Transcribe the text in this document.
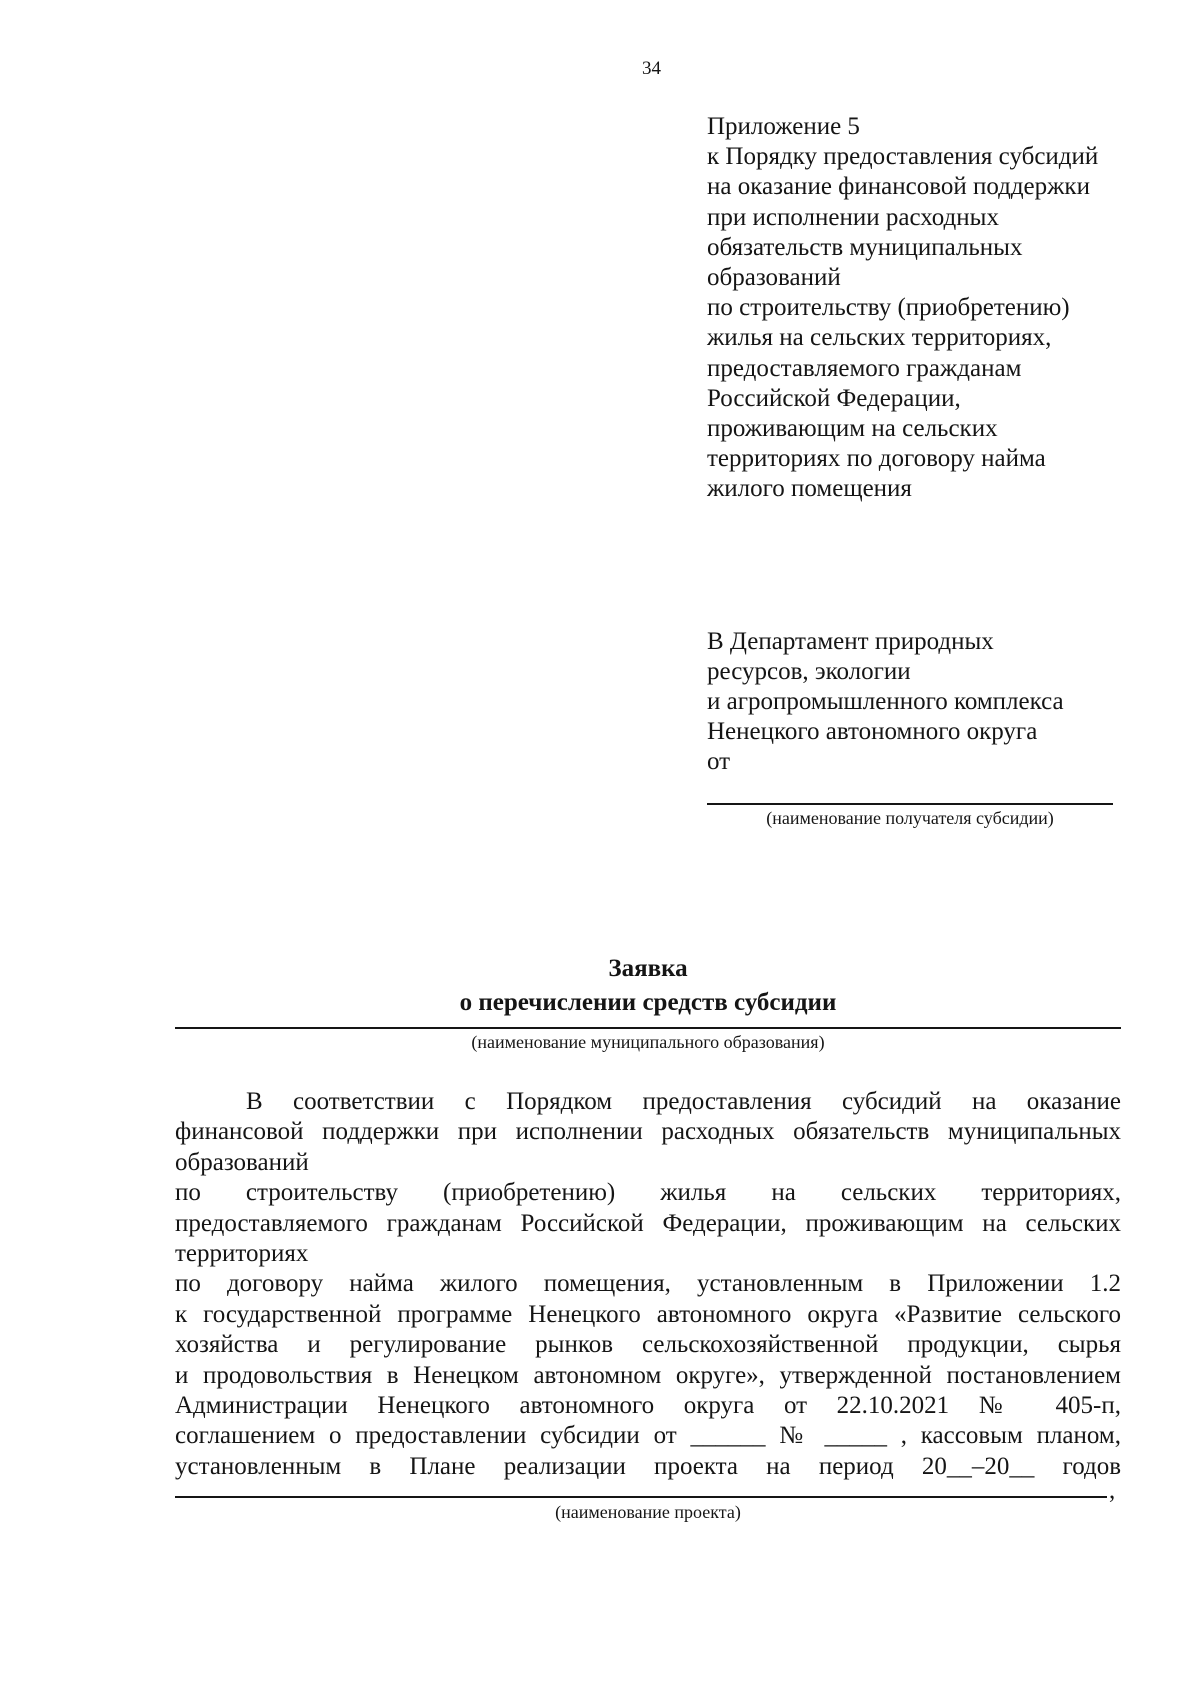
34
Приложение 5
к Порядку предоставления субсидий
на оказание финансовой поддержки
при исполнении расходных
обязательств муниципальных
образований
по строительству (приобретению)
жилья на сельских территориях,
предоставляемого гражданам
Российской Федерации,
проживающим на сельских
территориях по договору найма
жилого помещения
В Департамент природных
ресурсов, экологии
и агропромышленного комплекса
Ненецкого автономного округа
от
(наименование получателя субсидии)
Заявка
о перечислении средств субсидии
(наименование муниципального образования)
В соответствии с Порядком предоставления субсидий на оказание
финансовой поддержки при исполнении расходных обязательств муниципальных
образований
по строительству (приобретению) жилья на сельских территориях,
предоставляемого гражданам Российской Федерации, проживающим на сельских
территориях
по договору найма жилого помещения, установленным в Приложении 1.2
к государственной программе Ненецкого автономного округа «Развитие сельского
хозяйства и регулирование рынков сельскохозяйственной продукции, сырья
и продовольствия в Ненецком автономном округе», утвержденной постановлением
Администрации Ненецкого автономного округа от 22.10.2021 № 405-п,
соглашением о предоставлении субсидии от ______ № _____ , кассовым планом,
установленным в Плане реализации проекта на период 20__–20__ годов
,
(наименование проекта)
